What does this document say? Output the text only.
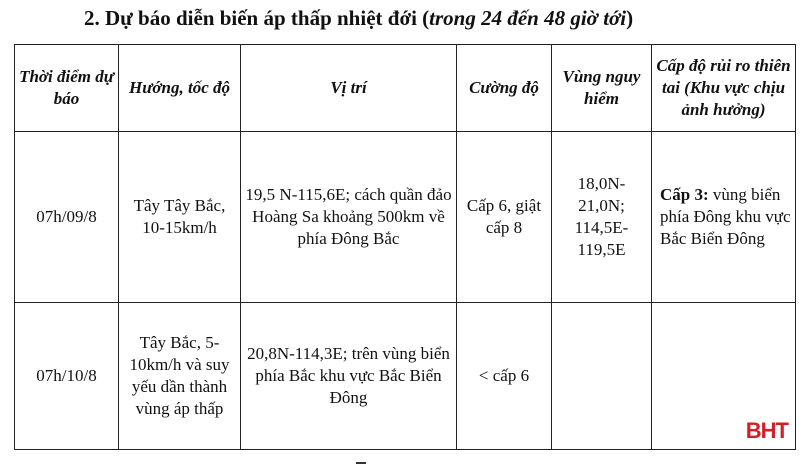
2. Dự báo diễn biến áp thấp nhiệt đới (trong 24 đến 48 giờ tới)
Thời điểm dự báo	Hướng, tốc độ	Vị trí	Cường độ	Vùng nguy hiểm	Cấp độ rủi ro thiên tai (Khu vực chịu ảnh hưởng)
07h/09/8	Tây Tây Bắc, 10-15km/h	19,5 N-115,6E; cách quần đảo Hoàng Sa khoảng 500km về phía Đông Bắc	Cấp 6, giật cấp 8	18,0N-21,0N; 114,5E-119,5E	Cấp 3: vùng biển phía Đông khu vực Bắc Biển Đông
07h/10/8	Tây Bắc, 5-10km/h và suy yếu dần thành vùng áp thấp	20,8N-114,3E; trên vùng biển phía Bắc khu vực Bắc Biển Đông	< cấp 6		
BHT
